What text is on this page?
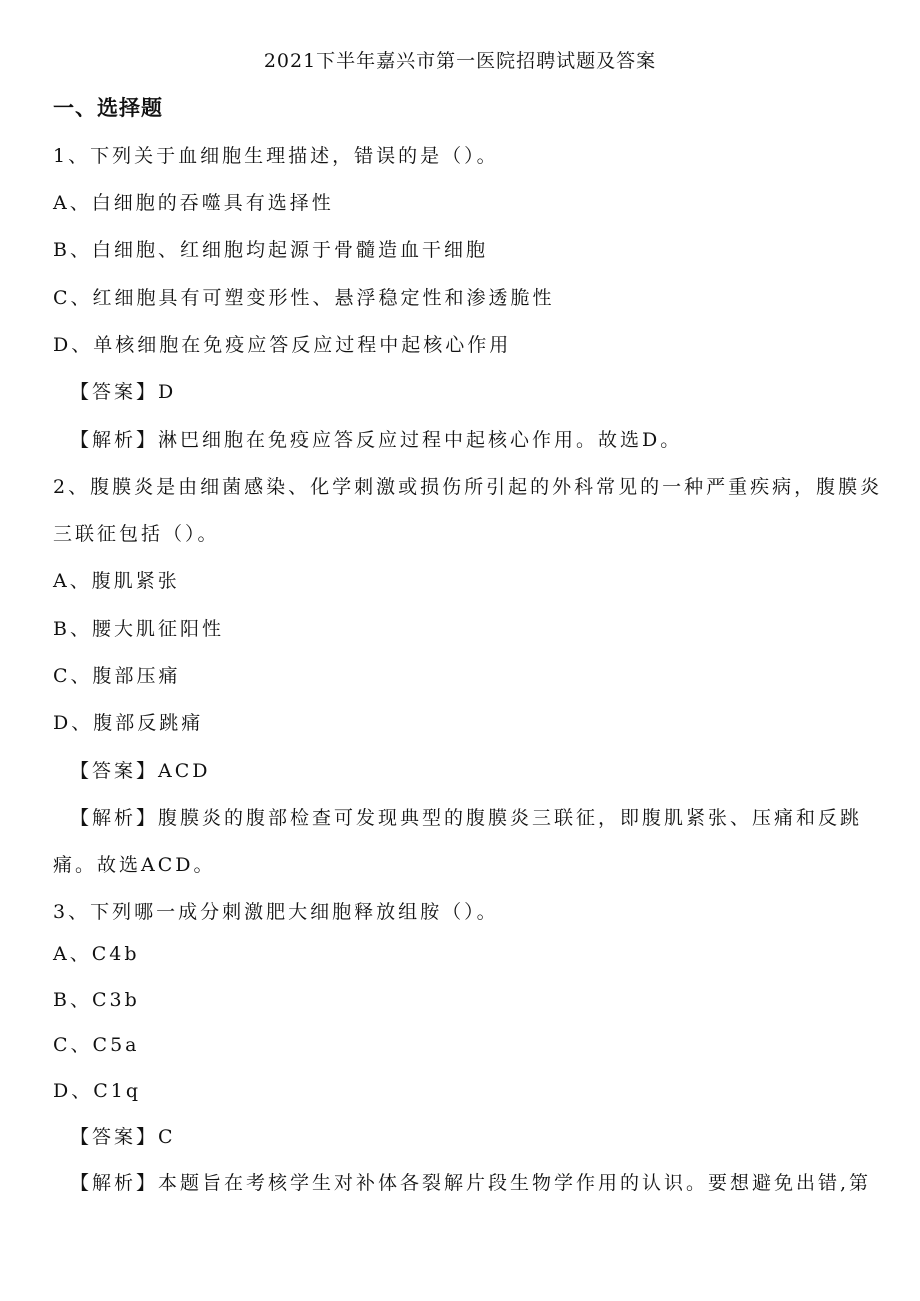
2021下半年嘉兴市第一医院招聘试题及答案
一、选择题
1、下列关于血细胞生理描述，错误的是（）。
A、白细胞的吞噬具有选择性
B、白细胞、红细胞均起源于骨髓造血干细胞
C、红细胞具有可塑变形性、悬浮稳定性和渗透脆性
D、单核细胞在免疫应答反应过程中起核心作用
【答案】D
【解析】淋巴细胞在免疫应答反应过程中起核心作用。故选D。
2、腹膜炎是由细菌感染、化学刺激或损伤所引起的外科常见的一种严重疾病，腹膜炎
三联征包括（）。
A、腹肌紧张
B、腰大肌征阳性
C、腹部压痛
D、腹部反跳痛
【答案】ACD
【解析】腹膜炎的腹部检查可发现典型的腹膜炎三联征，即腹肌紧张、压痛和反跳
痛。故选ACD。
3、下列哪一成分刺激肥大细胞释放组胺（）。
A、C4b
B、C3b
C、C5a
D、C1q
【答案】C
【解析】本题旨在考核学生对补体各裂解片段生物学作用的认识。要想避免出错,第
